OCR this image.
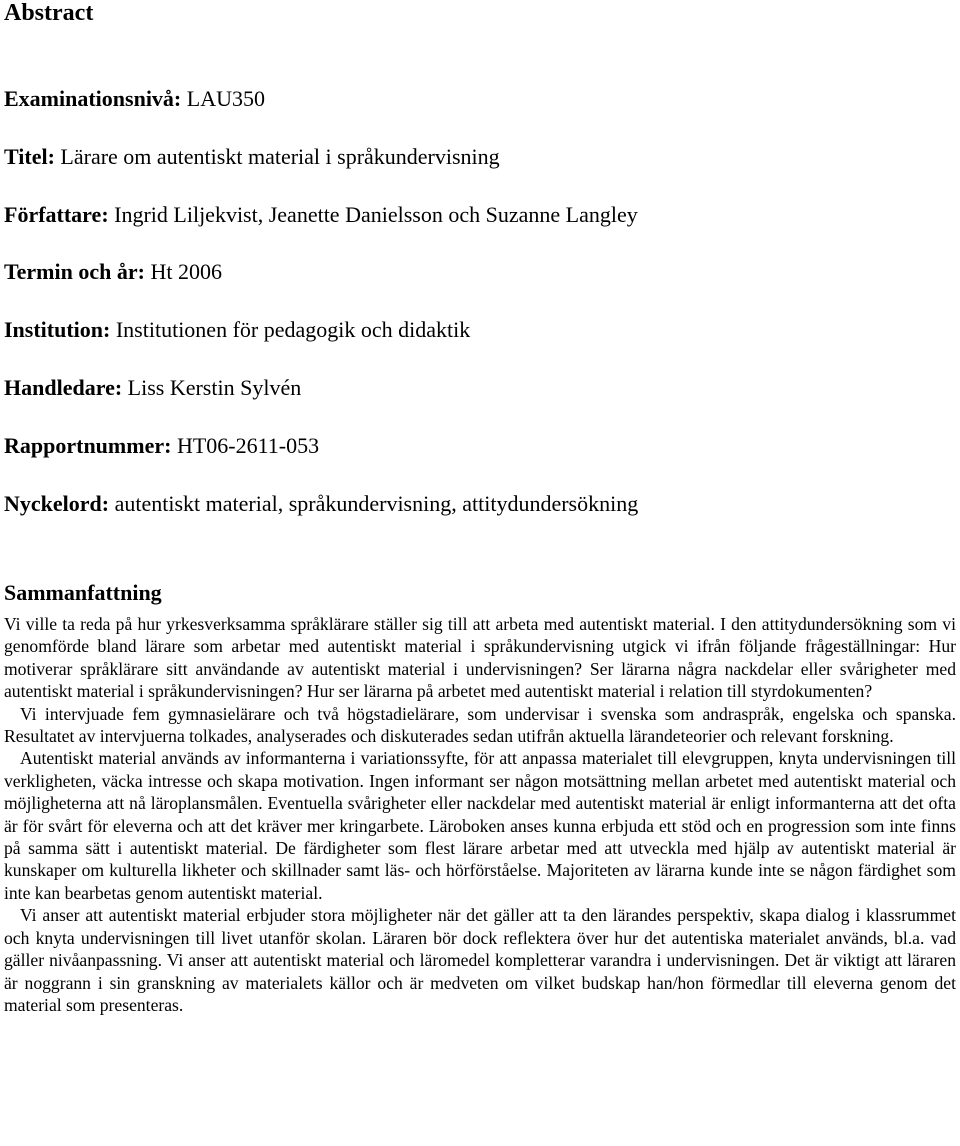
Abstract
Examinationsnivå: LAU350
Titel: Lärare om autentiskt material i språkundervisning
Författare: Ingrid Liljekvist, Jeanette Danielsson och Suzanne Langley
Termin och år: Ht 2006
Institution: Institutionen för pedagogik och didaktik
Handledare: Liss Kerstin Sylvén
Rapportnummer: HT06-2611-053
Nyckelord: autentiskt material, språkundervisning, attitydundersökning
Sammanfattning

Vi ville ta reda på hur yrkesverksamma språklärare ställer sig till att arbeta med autentiskt material. I den attitydundersökning som vi genomförde bland lärare som arbetar med autentiskt material i språkundervisning utgick vi ifrån följande frågeställningar: Hur motiverar språklärare sitt användande av autentiskt material i undervisningen? Ser lärarna några nackdelar eller svårigheter med autentiskt material i språkundervisningen? Hur ser lärarna på arbetet med autentiskt material i relation till styrdokumenten?

Vi intervjuade fem gymnasielärare och två högstadielärare, som undervisar i svenska som andraspråk, engelska och spanska. Resultatet av intervjuerna tolkades, analyserades och diskuterades sedan utifrån aktuella lärandeteorier och relevant forskning.

Autentiskt material används av informanterna i variationssyfte, för att anpassa materialet till elevgruppen, knyta undervisningen till verkligheten, väcka intresse och skapa motivation. Ingen informant ser någon motsättning mellan arbetet med autentiskt material och möjligheterna att nå läroplansmålen. Eventuella svårigheter eller nackdelar med autentiskt material är enligt informanterna att det ofta är för svårt för eleverna och att det kräver mer kringarbete. Läroboken anses kunna erbjuda ett stöd och en progression som inte finns på samma sätt i autentiskt material. De färdigheter som flest lärare arbetar med att utveckla med hjälp av autentiskt material är kunskaper om kulturella likheter och skillnader samt läs- och hörförståelse. Majoriteten av lärarna kunde inte se någon färdighet som inte kan bearbetas genom autentiskt material.

Vi anser att autentiskt material erbjuder stora möjligheter när det gäller att ta den lärandes perspektiv, skapa dialog i klassrummet och knyta undervisningen till livet utanför skolan. Läraren bör dock reflektera över hur det autentiska materialet används, bl.a. vad gäller nivåanpassning. Vi anser att autentiskt material och läromedel kompletterar varandra i undervisningen. Det är viktigt att läraren är noggrann i sin granskning av materialets källor och är medveten om vilket budskap han/hon förmedlar till eleverna genom det material som presenteras.
